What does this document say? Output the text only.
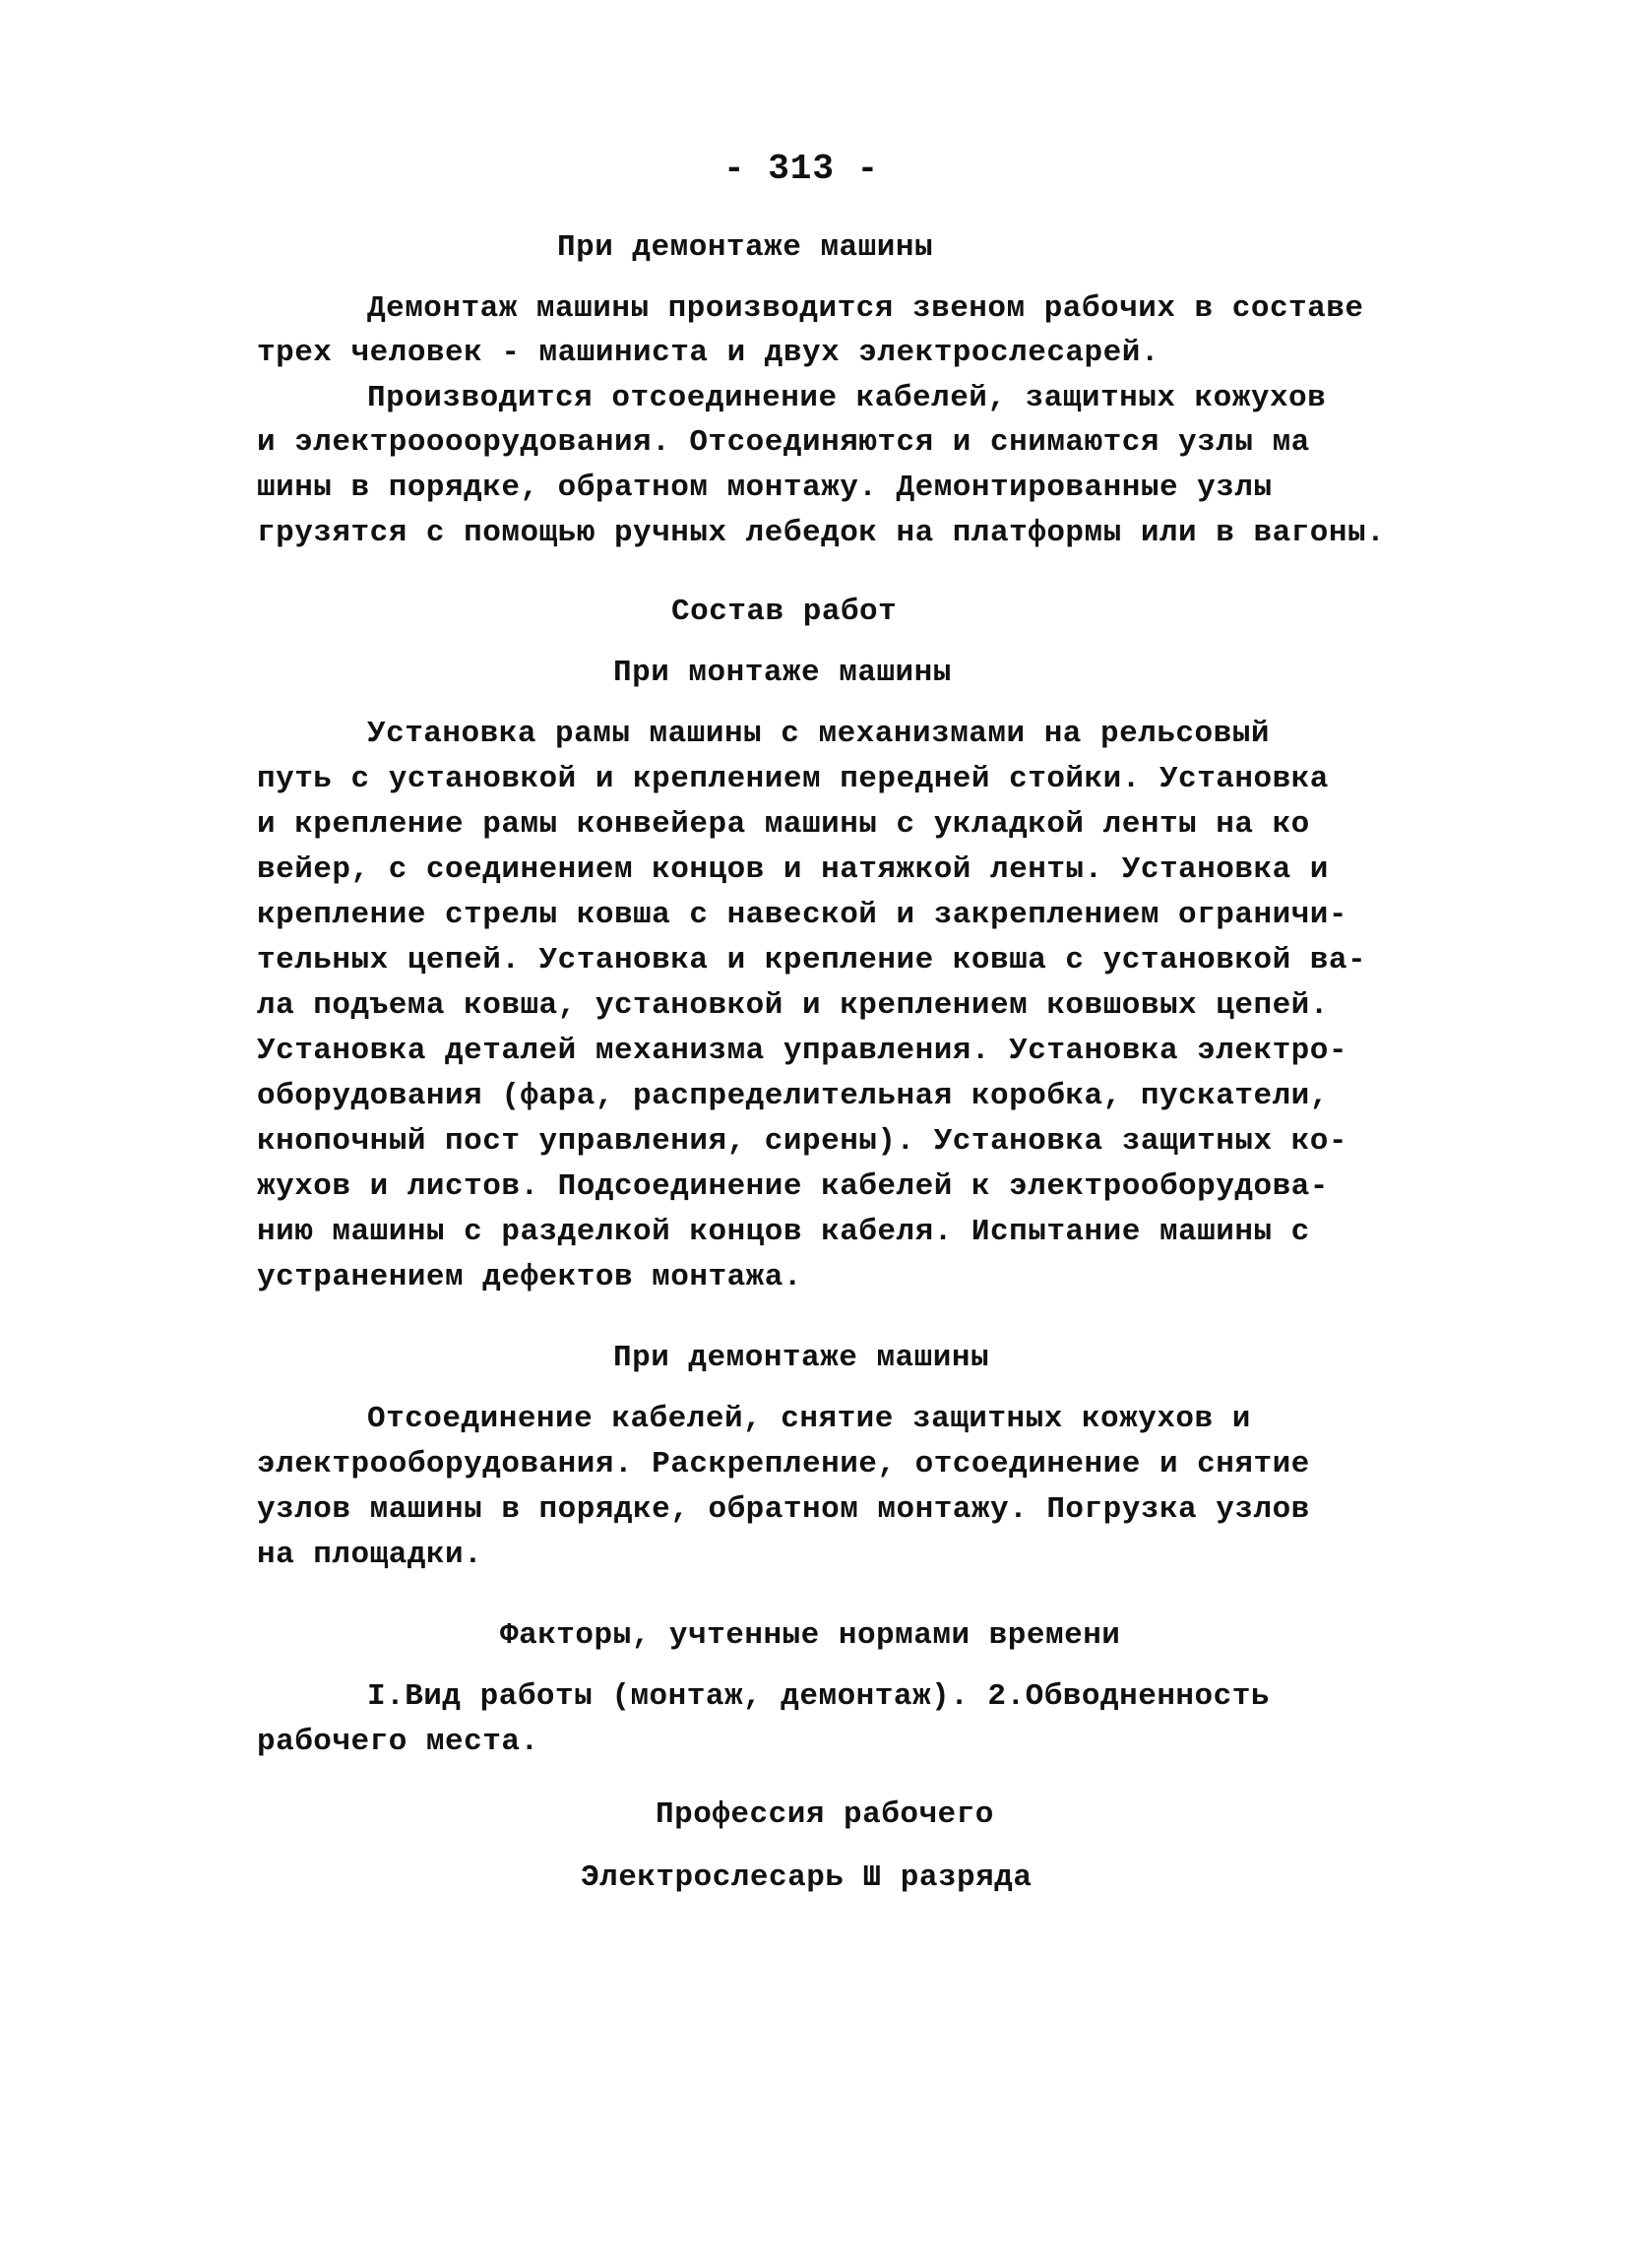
- 313 -
При демонтаже машины
Демонтаж машины производится звеном рабочих в составе
трех человек - машиниста и двух электрослесарей.
Производится отсоединение кабелей, защитных кожухов
и электроооорудования. Отсоединяются и снимаются узлы ма
шины в порядке, обратном монтажу. Демонтированные узлы
грузятся с помощью ручных лебедок на платформы или в вагоны.
Состав работ
При монтаже машины
Установка рамы машины с механизмами на рельсовый
путь с установкой и креплением передней стойки. Установка
и крепление рамы конвейера машины с укладкой ленты на ко
вейер, с соединением концов и натяжкой ленты. Установка и
крепление стрелы ковша с навеской и закреплением ограничи-
тельных цепей. Установка и крепление ковша с установкой ва-
ла подъема ковша, установкой и креплением ковшовых цепей.
Установка деталей механизма управления. Установка электро-
оборудования (фара, распределительная коробка, пускатели,
кнопочный пост управления, сирены). Установка защитных ко-
жухов и листов. Подсоединение кабелей к электрооборудова-
нию машины с разделкой концов кабеля. Испытание машины с
устранением дефектов монтажа.
При демонтаже машины
Отсоединение кабелей, снятие защитных кожухов и
электрооборудования. Раскрепление, отсоединение и снятие
узлов машины в порядке, обратном монтажу. Погрузка узлов
на площадки.
Факторы, учтенные нормами времени
I.Вид работы (монтаж, демонтаж). 2.Обводненность
рабочего места.
Профессия рабочего
Электрослесарь Ш разряда
